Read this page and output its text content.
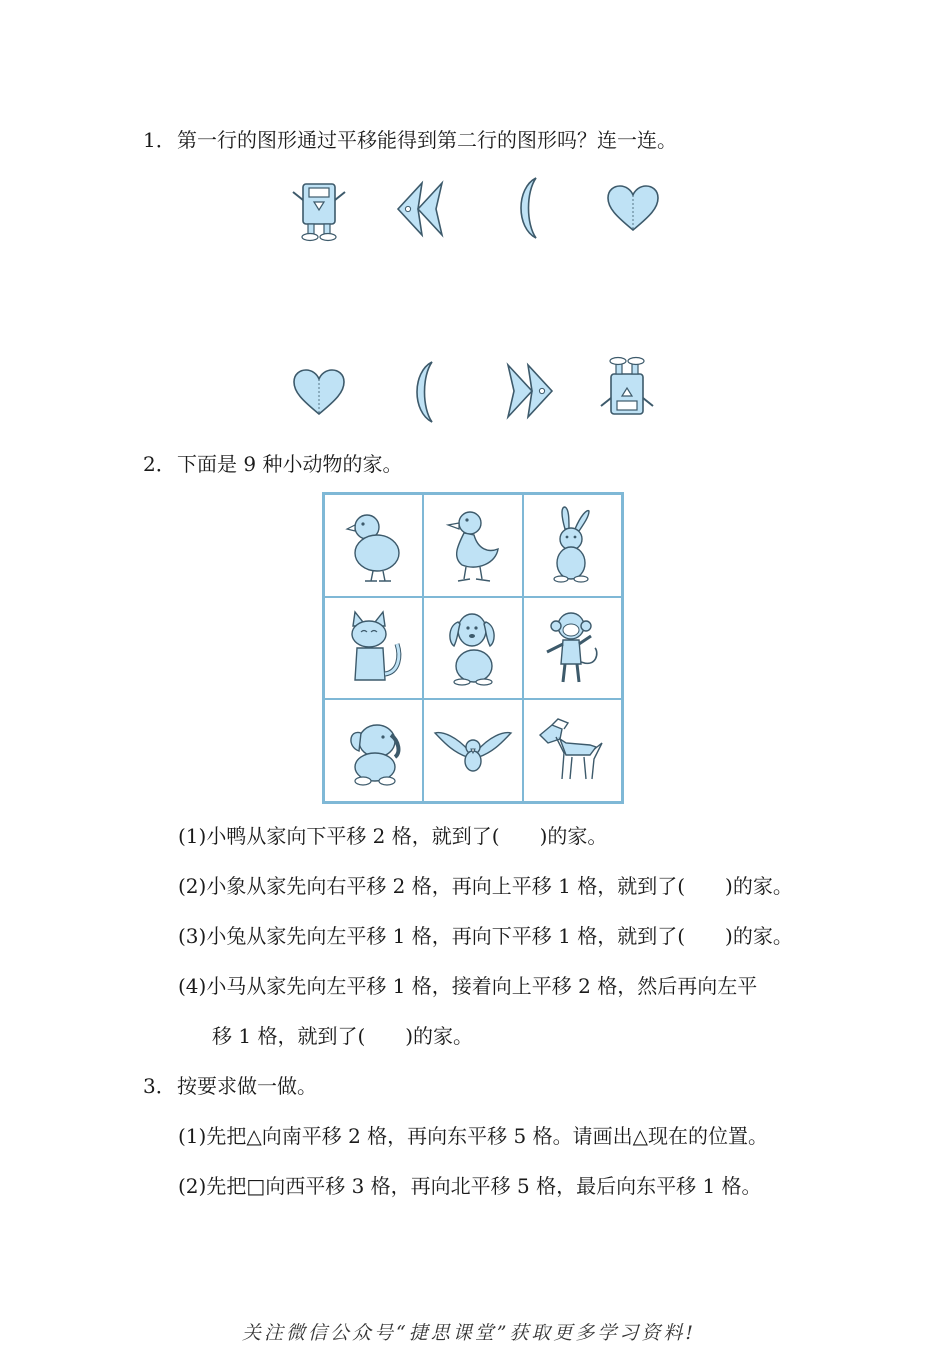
1．第一行的图形通过平移能得到第二行的图形吗？连一连。
2．下面是 9 种小动物的家。
(1)小鸭从家向下平移 2 格，就到了(　　)的家。
(2)小象从家先向右平移 2 格，再向上平移 1 格，就到了(　　)的家。
(3)小兔从家先向左平移 1 格，再向下平移 1 格，就到了(　　)的家。
(4)小马从家先向左平移 1 格，接着向上平移 2 格，然后再向左平
移 1 格，就到了(　　)的家。
3．按要求做一做。
(1)先把△向南平移 2 格，再向东平移 5 格。请画出△现在的位置。
(2)先把□向西平移 3 格，再向北平移 5 格，最后向东平移 1 格。
关注微信公众号“捷思课堂”获取更多学习资料!
